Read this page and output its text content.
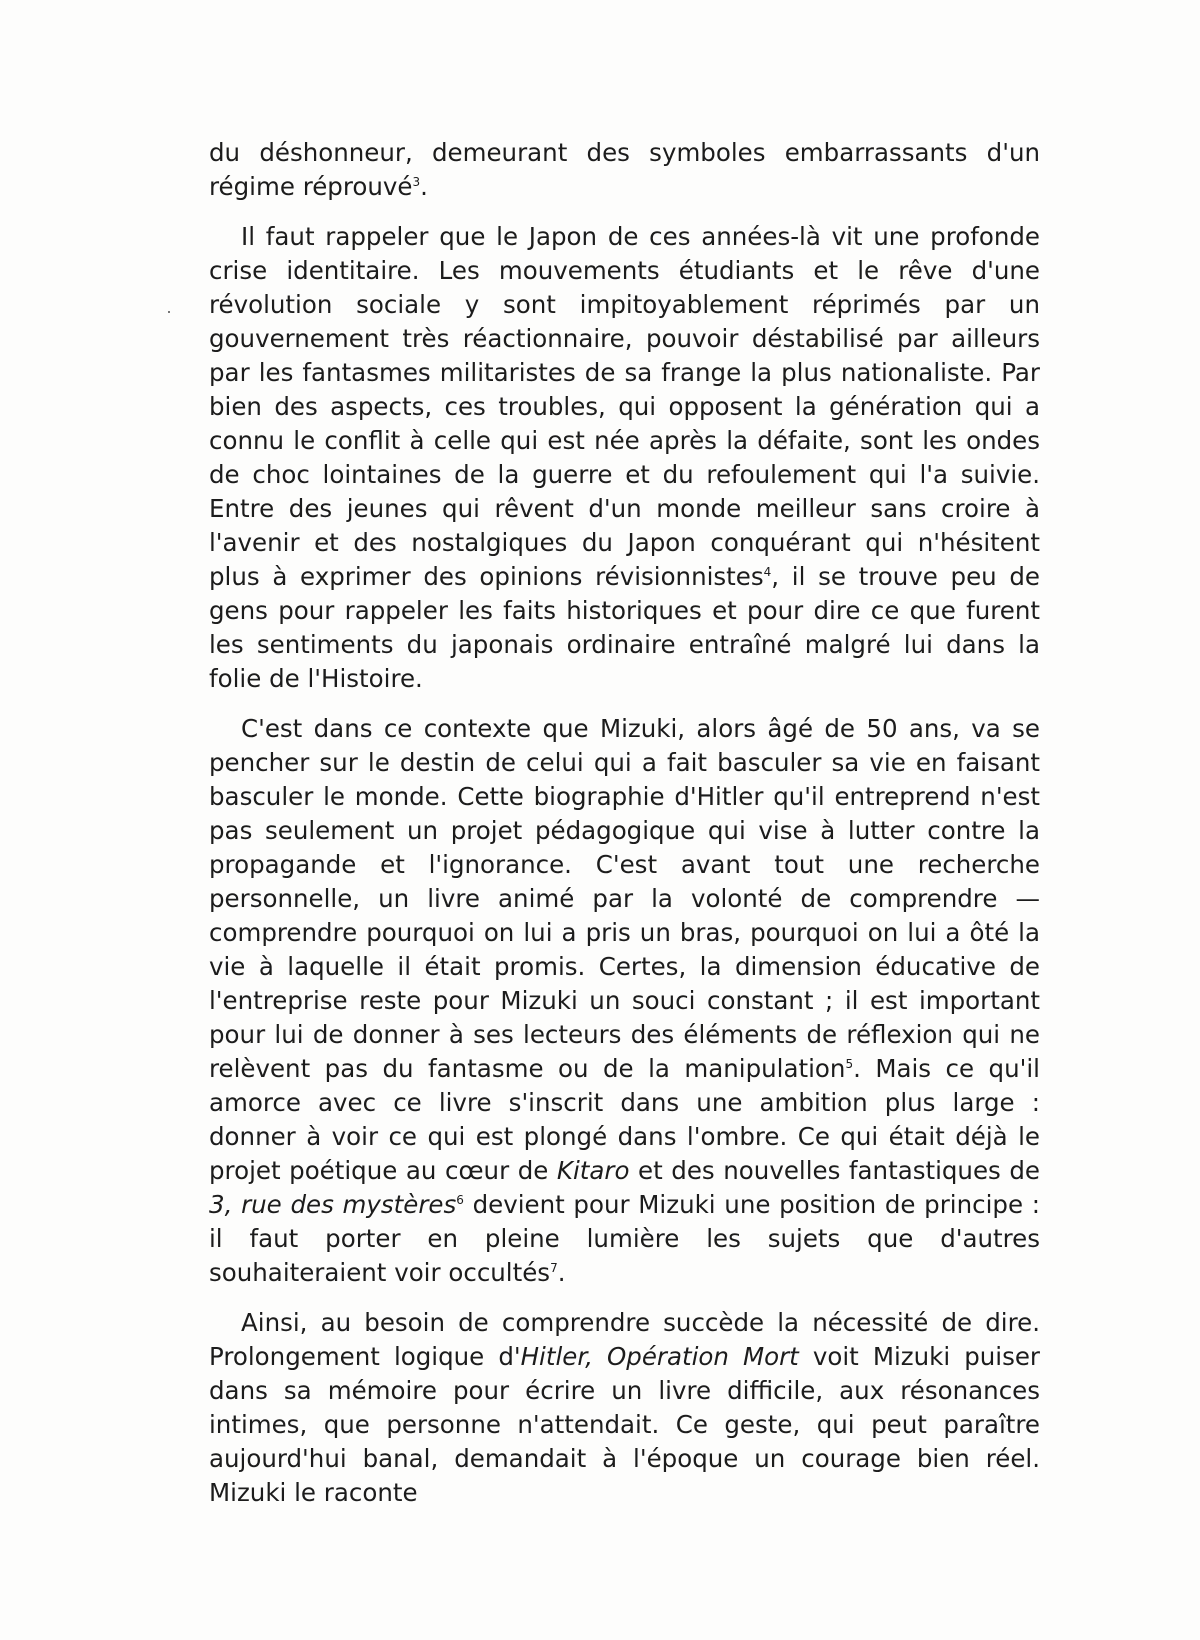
du déshonneur, demeurant des symboles embarrassants d'un régime réprouvé$^3$.

Il faut rappeler que le Japon de ces années-là vit une profonde crise identitaire. Les mouvements étudiants et le rêve d'une révolution sociale y sont impitoyablement réprimés par un gouvernement très réactionnaire, pouvoir déstabilisé par ailleurs par les fantasmes militaristes de sa frange la plus nationaliste. Par bien des aspects, ces troubles, qui opposent la génération qui a connu le conflit à celle qui est née après la défaite, sont les ondes de choc lointaines de la guerre et du refoulement qui l'a suivie. Entre des jeunes qui rêvent d'un monde meilleur sans croire à l'avenir et des nostalgiques du Japon conquérant qui n'hésitent plus à exprimer des opinions révisionnistes$^4$, il se trouve peu de gens pour rappeler les faits historiques et pour dire ce que furent les sentiments du japonais ordinaire entraîné malgré lui dans la folie de l'Histoire.

C'est dans ce contexte que Mizuki, alors âgé de 50 ans, va se pencher sur le destin de celui qui a fait basculer sa vie en faisant basculer le monde. Cette biographie d'Hitler qu'il entreprend n'est pas seulement un projet pédagogique qui vise à lutter contre la propagande et l'ignorance. C'est avant tout une recherche personnelle, un livre animé par la volonté de comprendre — comprendre pourquoi on lui a pris un bras, pourquoi on lui a ôté la vie à laquelle il était promis. Certes, la dimension éducative de l'entreprise reste pour Mizuki un souci constant ; il est important pour lui de donner à ses lecteurs des éléments de réflexion qui ne relèvent pas du fantasme ou de la manipulation$^5$. Mais ce qu'il amorce avec ce livre s'inscrit dans une ambition plus large : donner à voir ce qui est plongé dans l'ombre. Ce qui était déjà le projet poétique au cœur de Kitaro et des nouvelles fantastiques de 3, rue des mystères$^6$ devient pour Mizuki une position de principe : il faut porter en pleine lumière les sujets que d'autres souhaiteraient voir occultés$^7$.

Ainsi, au besoin de comprendre succède la nécessité de dire. Prolongement logique d'Hitler, Opération Mort voit Mizuki puiser dans sa mémoire pour écrire un livre difficile, aux résonances intimes, que personne n'attendait. Ce geste, qui peut paraître aujourd'hui banal, demandait à l'époque un courage bien réel. Mizuki le raconte
